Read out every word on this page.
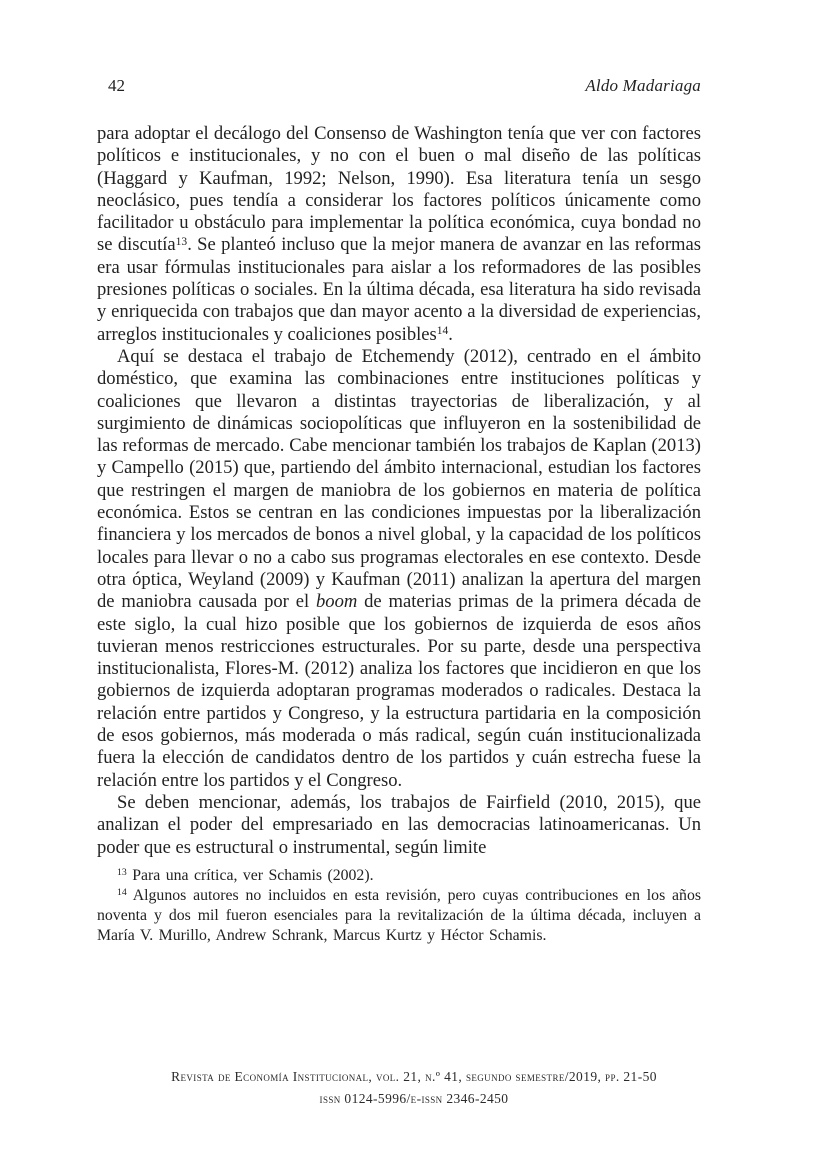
42	Aldo Madariaga

para adoptar el decálogo del Consenso de Washington tenía que ver con factores políticos e institucionales, y no con el buen o mal diseño de las políticas (Haggard y Kaufman, 1992; Nelson, 1990). Esa literatura tenía un sesgo neoclásico, pues tendía a considerar los factores políticos únicamente como facilitador u obstáculo para implementar la política económica, cuya bondad no se discutía$^{13}$. Se planteó incluso que la mejor manera de avanzar en las reformas era usar fórmulas institucionales para aislar a los reformadores de las posibles presiones políticas o sociales. En la última década, esa literatura ha sido revisada y enriquecida con trabajos que dan mayor acento a la diversidad de experiencias, arreglos institucionales y coaliciones posibles$^{14}$.

Aquí se destaca el trabajo de Etchemendy (2012), centrado en el ámbito doméstico, que examina las combinaciones entre instituciones políticas y coaliciones que llevaron a distintas trayectorias de liberalización, y al surgimiento de dinámicas sociopolíticas que influyeron en la sostenibilidad de las reformas de mercado. Cabe mencionar también los trabajos de Kaplan (2013) y Campello (2015) que, partiendo del ámbito internacional, estudian los factores que restringen el margen de maniobra de los gobiernos en materia de política económica. Estos se centran en las condiciones impuestas por la liberalización financiera y los mercados de bonos a nivel global, y la capacidad de los políticos locales para llevar o no a cabo sus programas electorales en ese contexto. Desde otra óptica, Weyland (2009) y Kaufman (2011) analizan la apertura del margen de maniobra causada por el boom de materias primas de la primera década de este siglo, la cual hizo posible que los gobiernos de izquierda de esos años tuvieran menos restricciones estructurales. Por su parte, desde una perspectiva institucionalista, Flores-M. (2012) analiza los factores que incidieron en que los gobiernos de izquierda adoptaran programas moderados o radicales. Destaca la relación entre partidos y Congreso, y la estructura partidaria en la composición de esos gobiernos, más moderada o más radical, según cuán institucionalizada fuera la elección de candidatos dentro de los partidos y cuán estrecha fuese la relación entre los partidos y el Congreso.

Se deben mencionar, además, los trabajos de Fairfield (2010, 2015), que analizan el poder del empresariado en las democracias latinoamericanas. Un poder que es estructural o instrumental, según limite

$^{13}$ Para una crítica, ver Schamis (2002).

$^{14}$ Algunos autores no incluidos en esta revisión, pero cuyas contribuciones en los años noventa y dos mil fueron esenciales para la revitalización de la última década, incluyen a María V. Murillo, Andrew Schrank, Marcus Kurtz y Héctor Schamis.

Revista de Economía Institucional, vol. 21, n.º 41, segundo semestre/2019, pp. 21-50
issn 0124-5996/e-issn 2346-2450
